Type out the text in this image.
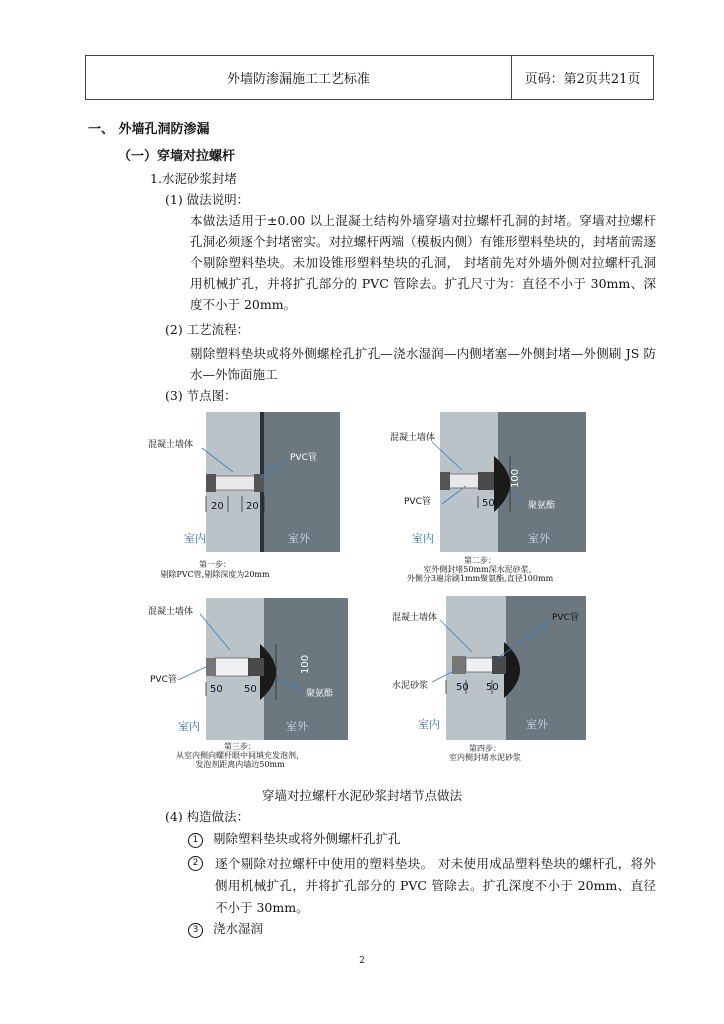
外墙防渗漏施工工艺标准	页码：第2页共21页
一、 外墙孔洞防渗漏
（一）穿墙对拉螺杆
1.水泥砂浆封堵
(1) 做法说明：
本做法适用于±0.00 以上混凝土结构外墙穿墙对拉螺杆孔洞的封堵。穿墙对拉螺杆孔洞必须逐个封堵密实。对拉螺杆两端（模板内侧）有锥形塑料垫块的，封堵前需逐个剔除塑料垫块。未加设锥形塑料垫块的孔洞， 封堵前先对外墙外侧对拉螺杆孔洞用机械扩孔，并将扩孔部分的 PVC 管除去。扩孔尺寸为：直径不小于 30mm、深度不小于 20mm。
(2) 工艺流程：
剔除塑料垫块或将外侧螺栓孔扩孔—浇水湿润—内侧堵塞—外侧封堵—外侧刷 JS 防水—外饰面施工
(3) 节点图：
混凝土墙体
PVC管
20 20
室内	室外
第一步：
剔除PVC管,剔除深度为20mm
混凝土墙体
PVC管	50
100
聚氨酯
室内	室外
第二步：
室外侧封堵50mm深水泥砂浆，
外侧分3遍涂刷1mm聚氨酯,直径100mm
混凝土墙体
PVC管
50 50
100
聚氨酯
室内	室外
第三步：
从室内侧向螺杆眼中间填充发泡剂，
发泡剂距离内墙边50mm
混凝土墙体	PVC管
水泥砂浆	50 50
室内	室外
第四步：
室内侧封堵水泥砂浆
穿墙对拉螺杆水泥砂浆封堵节点做法
(4) 构造做法：
1 剔除塑料垫块或将外侧螺杆孔扩孔
2	逐个剔除对拉螺杆中使用的塑料垫块。 对未使用成品塑料垫块的螺杆孔，将外侧用机械扩孔，并将扩孔部分的 PVC 管除去。扩孔深度不小于 20mm、直径不小于 30mm。
3 浇水湿润
2
